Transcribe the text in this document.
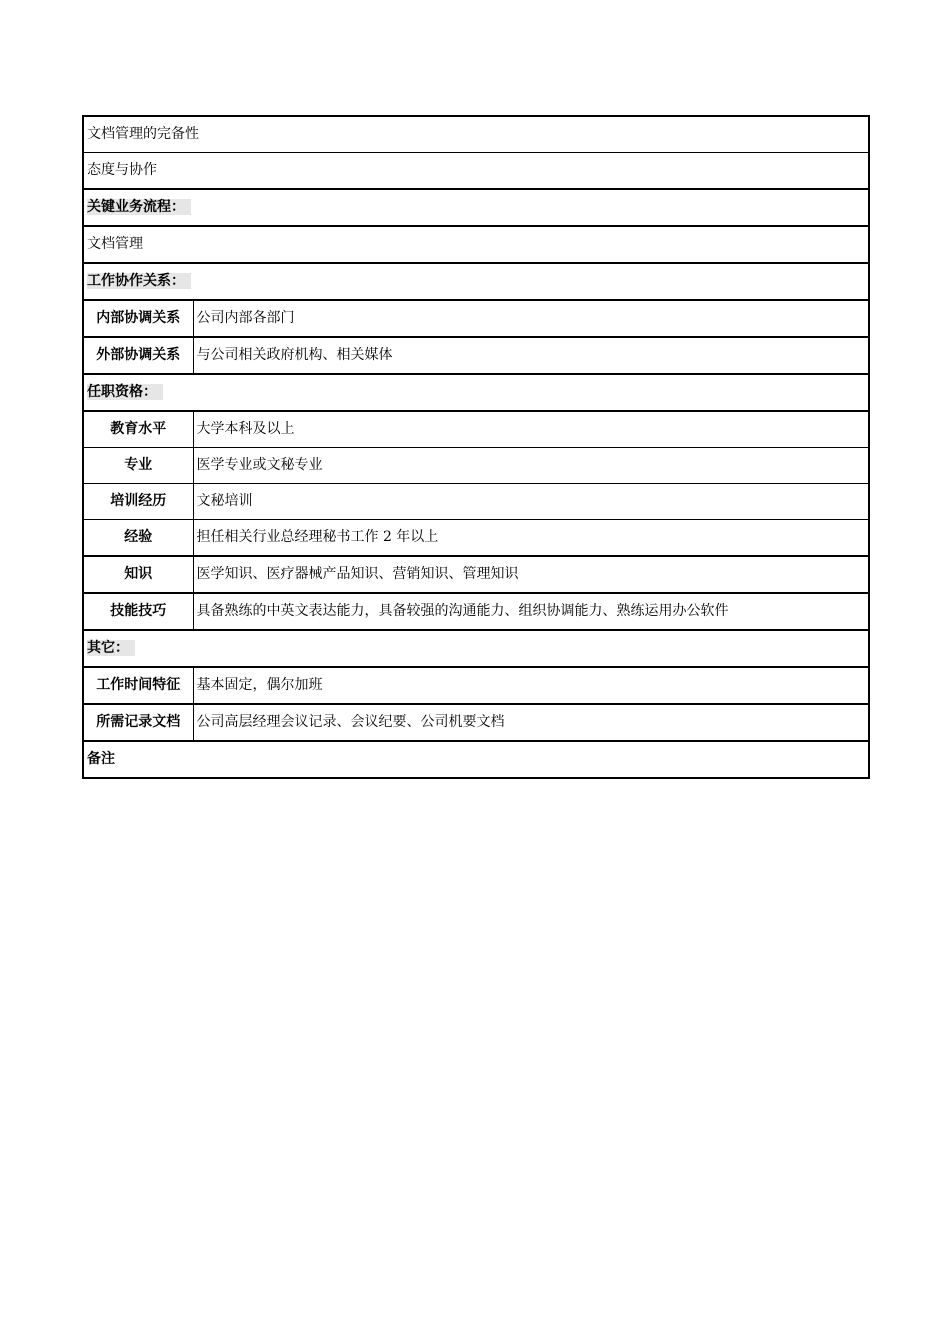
文档管理的完备性	
态度与协作	
关键业务流程：	
文档管理	
工作协作关系：	
内部协调关系	公司内部各部门
外部协调关系	与公司相关政府机构、相关媒体
任职资格：	
教育水平	大学本科及以上
专业	医学专业或文秘专业
培训经历	文秘培训
经验	担任相关行业总经理秘书工作 2 年以上
知识	医学知识、医疗器械产品知识、营销知识、管理知识
技能技巧	具备熟练的中英文表达能力，具备较强的沟通能力、组织协调能力、熟练运用办公软件
其它：	
工作时间特征	基本固定，偶尔加班
所需记录文档	公司高层经理会议记录、会议纪要、公司机要文档
备注	
